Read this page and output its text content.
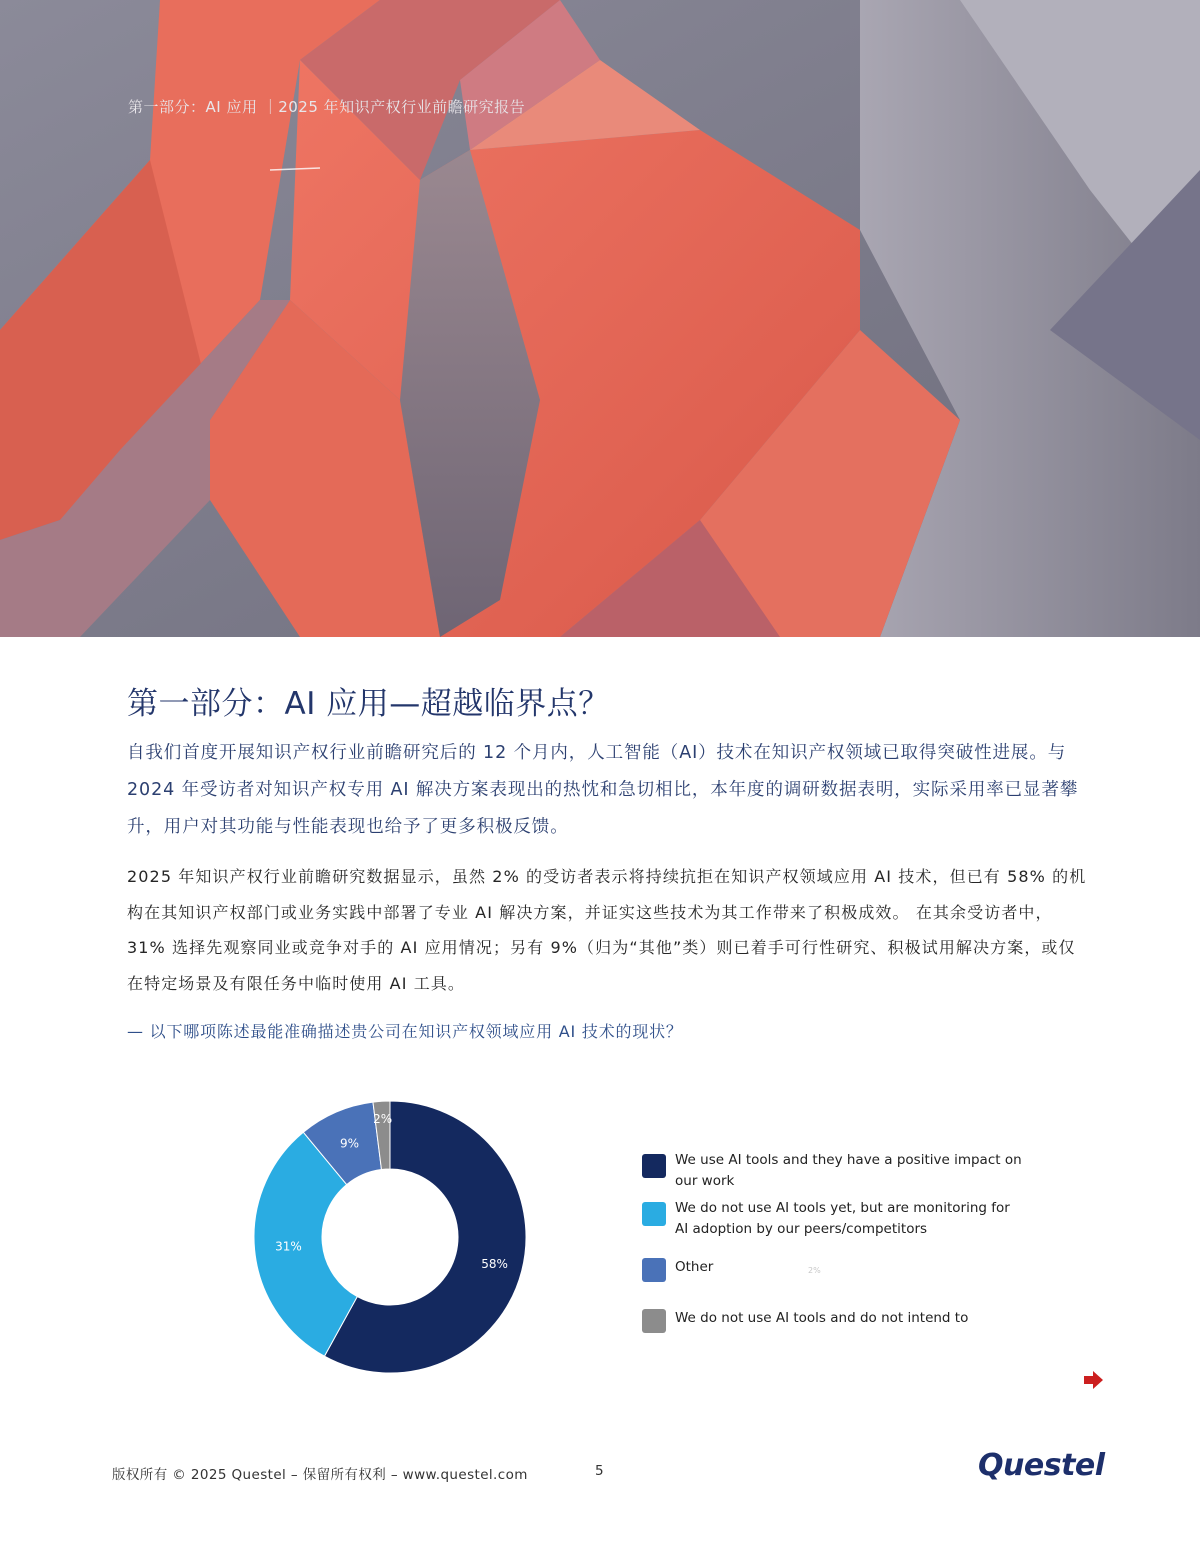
第一部分：AI 应用 ｜2025 年知识产权行业前瞻研究报告
第一部分：AI 应用—超越临界点？

自我们首度开展知识产权行业前瞻研究后的 12 个月内，人工智能（AI）技术在知识产权领域已取得突破性进展。与 2024 年受访者对知识产权专用 AI 解决方案表现出的热忱和急切相比，本年度的调研数据表明，实际采用率已显著攀升，用户对其功能与性能表现也给予了更多积极反馈。

2025 年知识产权行业前瞻研究数据显示，虽然 2% 的受访者表示将持续抗拒在知识产权领域应用 AI 技术，但已有 58% 的机构在其知识产权部门或业务实践中部署了专业 AI 解决方案，并证实这些技术为其工作带来了积极成效。 在其余受访者中，31% 选择先观察同业或竞争对手的 AI 应用情况；另有 9%（归为“其他”类）则已着手可行性研究、积极试用解决方案，或仅在特定场景及有限任务中临时使用 AI 工具。

— 以下哪项陈述最能准确描述贵公司在知识产权领域应用 AI 技术的现状？
58%
31%
9%
2%
We use AI tools and they have a positive impact on our work
We do not use AI tools yet, but are monitoring for AI adoption by our peers/competitors
Other
We do not use AI tools and do not intend to
2%
版权所有 © 2025 Questel – 保留所有权利 – www.questel.com	5	Questel
